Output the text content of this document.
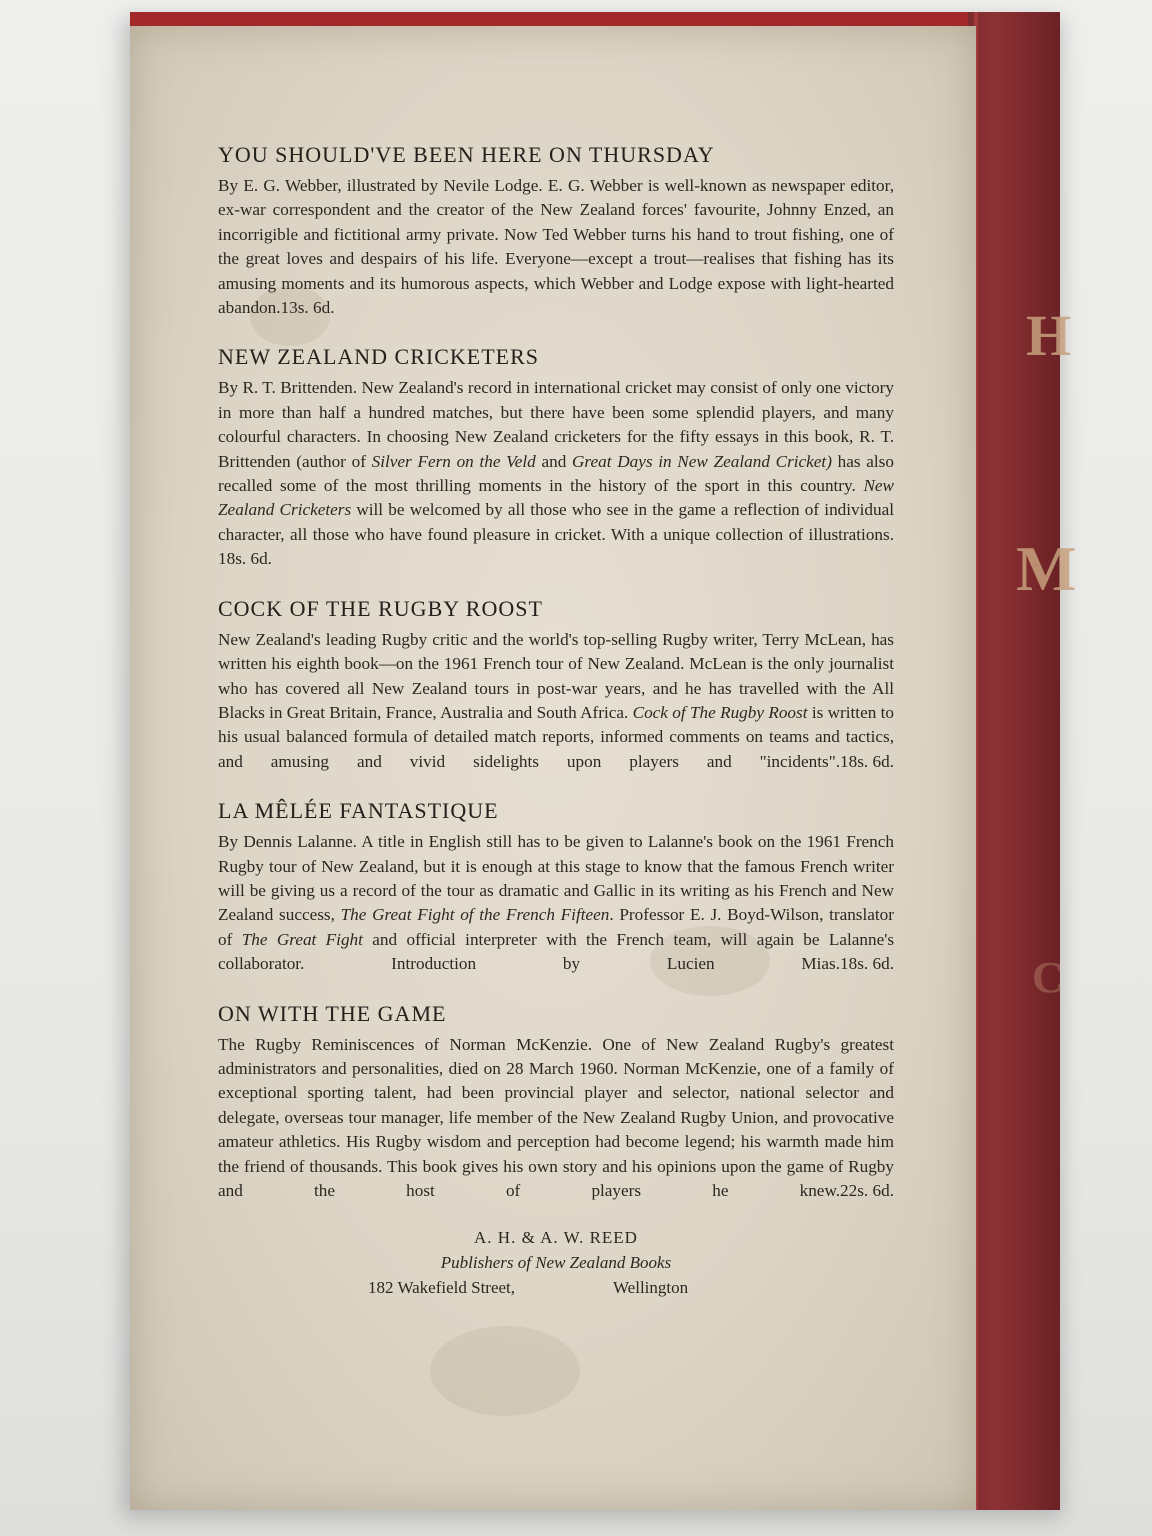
H
M
C
YOU SHOULD'VE BEEN HERE ON THURSDAY

By E. G. Webber, illustrated by Nevile Lodge. E. G. Webber is well-known as newspaper editor, ex-war correspondent and the creator of the New Zealand forces' favourite, Johnny Enzed, an incorrigible and fictitional army private. Now Ted Webber turns his hand to trout fishing, one of the great loves and despairs of his life. Everyone—except a trout—realises that fishing has its amusing moments and its humorous aspects, which Webber and Lodge expose with light-hearted abandon.13s. 6d.

NEW ZEALAND CRICKETERS

By R. T. Brittenden. New Zealand's record in international cricket may consist of only one victory in more than half a hundred matches, but there have been some splendid players, and many colourful characters. In choosing New Zealand cricketers for the fifty essays in this book, R. T. Brittenden (author of Silver Fern on the Veld and Great Days in New Zealand Cricket) has also recalled some of the most thrilling moments in the history of the sport in this country. New Zealand Cricketers will be welcomed by all those who see in the game a reflection of individual character, all those who have found pleasure in cricket. With a unique collection of illustrations.18s. 6d.

COCK OF THE RUGBY ROOST

New Zealand's leading Rugby critic and the world's top-selling Rugby writer, Terry McLean, has written his eighth book—on the 1961 French tour of New Zealand. McLean is the only journalist who has covered all New Zealand tours in post-war years, and he has travelled with the All Blacks in Great Britain, France, Australia and South Africa. Cock of The Rugby Roost is written to his usual balanced formula of detailed match reports, informed comments on teams and tactics, and amusing and vivid sidelights upon players and "incidents".18s. 6d.

LA MÊLÉE FANTASTIQUE

By Dennis Lalanne. A title in English still has to be given to Lalanne's book on the 1961 French Rugby tour of New Zealand, but it is enough at this stage to know that the famous French writer will be giving us a record of the tour as dramatic and Gallic in its writing as his French and New Zealand success, The Great Fight of the French Fifteen. Professor E. J. Boyd-Wilson, translator of The Great Fight and official interpreter with the French team, will again be Lalanne's collaborator. Introduction by Lucien Mias.18s. 6d.

ON WITH THE GAME

The Rugby Reminiscences of Norman McKenzie. One of New Zealand Rugby's greatest administrators and personalities, died on 28 March 1960. Norman McKenzie, one of a family of exceptional sporting talent, had been provincial player and selector, national selector and delegate, overseas tour manager, life member of the New Zealand Rugby Union, and provocative amateur athletics. His Rugby wisdom and perception had become legend; his warmth made him the friend of thousands. This book gives his own story and his opinions upon the game of Rugby and the host of players he knew.22s. 6d.

A. H. & A. W. REED
Publishers of New Zealand Books
182 Wakefield Street,	Wellington
